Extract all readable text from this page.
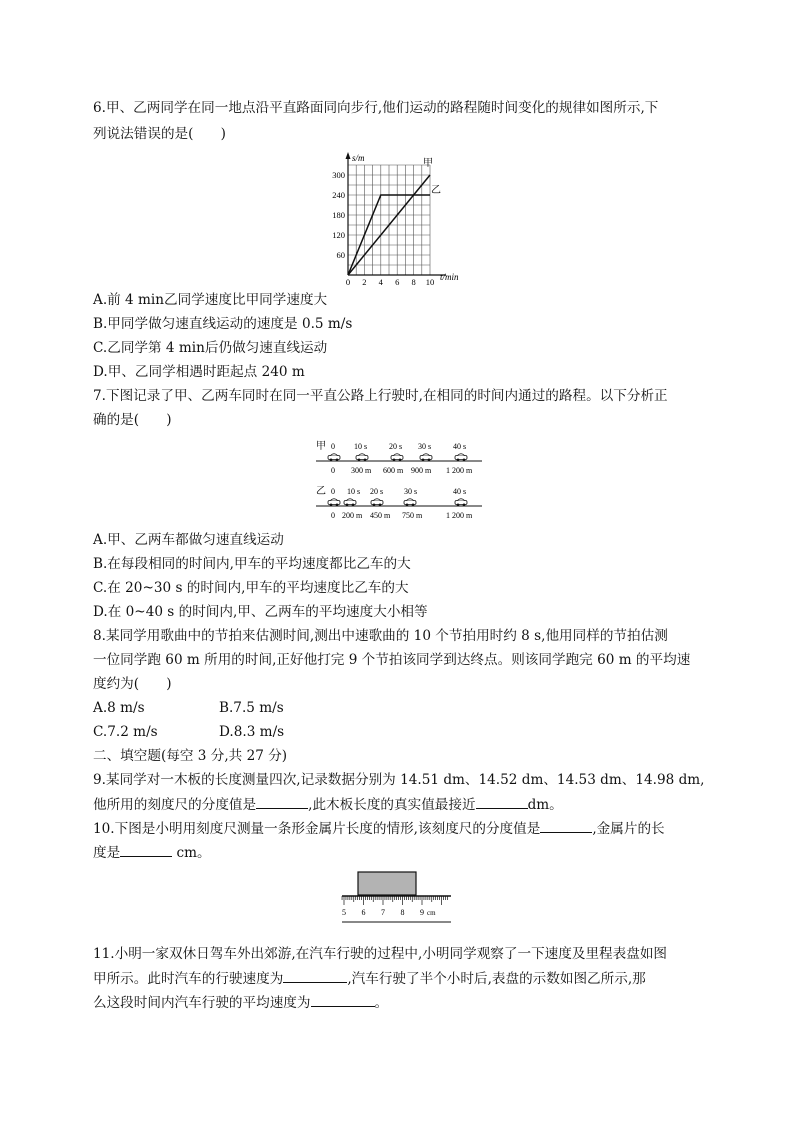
6.甲、乙两同学在同一地点沿平直路面同向步行,他们运动的路程随时间变化的规律如图所示,下
列说法错误的是(　　)
s/m
t/min
300
240
180
120
60
0 2 4 6 8 10
甲
乙
A.前 4 min乙同学速度比甲同学速度大
B.甲同学做匀速直线运动的速度是 0.5 m/s
C.乙同学第 4 min后仍做匀速直线运动
D.甲、乙同学相遇时距起点 240 m
7.下图记录了甲、乙两车同时在同一平直公路上行驶时,在相同的时间内通过的路程。以下分析正
确的是(　　)
甲 0 10 s	20 s 30 s	40 s
0 300 m 600 m 900 m 1 200 m
乙 0 10 s 20 s	30 s	40 s
0 200 m 450 m 750 m	1 200 m
A.甲、乙两车都做匀速直线运动
B.在每段相同的时间内,甲车的平均速度都比乙车的大
C.在 20~30 s 的时间内,甲车的平均速度比乙车的大
D.在 0~40 s 的时间内,甲、乙两车的平均速度大小相等
8.某同学用歌曲中的节拍来估测时间,测出中速歌曲的 10 个节拍用时约 8 s,他用同样的节拍估测
一位同学跑 60 m 所用的时间,正好他打完 9 个节拍该同学到达终点。则该同学跑完 60 m 的平均速
度约为(　　)
A.8 m/s	B.7.5 m/s
C.7.2 m/s	D.8.3 m/s
二、填空题(每空 3 分,共 27 分)
9.某同学对一木板的长度测量四次,记录数据分别为 14.51 dm、14.52 dm、14.53 dm、14.98 dm,
他所用的刻度尺的分度值是	,此木板长度的真实值最接近	dm。
10.下图是小明用刻度尺测量一条形金属片长度的情形,该刻度尺的分度值是	,金属片的长
度是	cm。
5 6 7 8 9 cm
11.小明一家双休日驾车外出郊游,在汽车行驶的过程中,小明同学观察了一下速度及里程表盘如图
甲所示。此时汽车的行驶速度为	,汽车行驶了半个小时后,表盘的示数如图乙所示,那
么这段时间内汽车行驶的平均速度为	。
